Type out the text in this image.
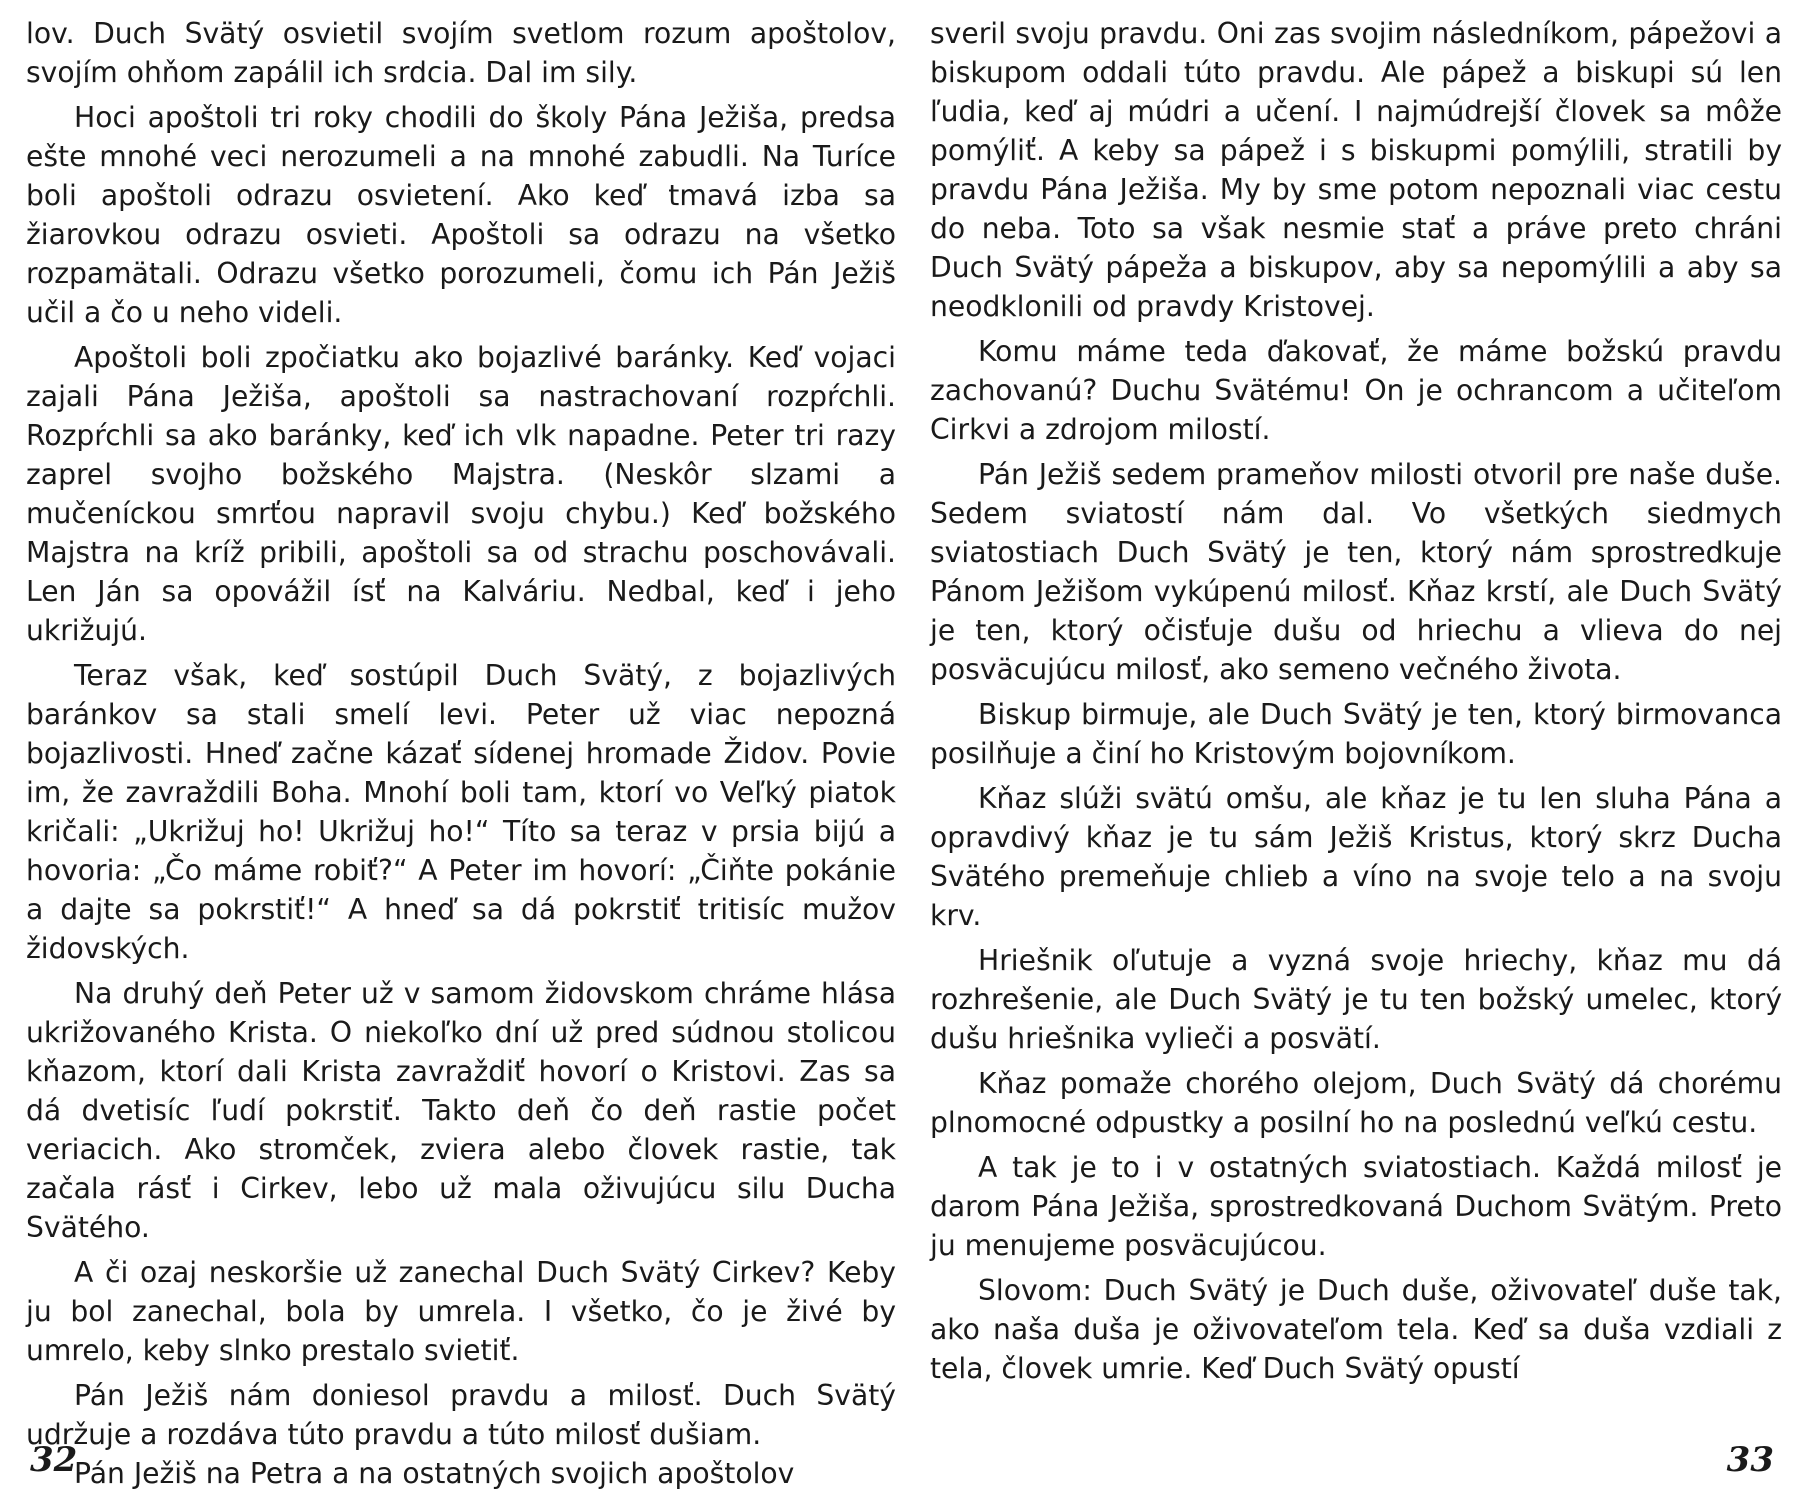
lov. Duch Svätý osvietil svojím svetlom rozum apoštolov, svojím ohňom zapálil ich srdcia. Dal im sily.

Hoci apoštoli tri roky chodili do školy Pána Ježiša, predsa ešte mnohé veci nerozumeli a na mnohé zabudli. Na Turíce boli apoštoli odrazu osvietení. Ako keď tmavá izba sa žiarovkou odrazu osvieti. Apoštoli sa odrazu na všetko rozpamätali. Odrazu všetko porozumeli, čomu ich Pán Ježiš učil a čo u neho videli.

Apoštoli boli zpočiatku ako bojazlivé baránky. Keď vojaci zajali Pána Ježiša, apoštoli sa nastrachovaní rozpŕchli. Rozpŕchli sa ako baránky, keď ich vlk napadne. Peter tri razy zaprel svojho božského Majstra. (Neskôr slzami a mučeníckou smrťou napravil svoju chybu.) Keď božského Majstra na kríž pribili, apoštoli sa od strachu poschovávali. Len Ján sa opovážil ísť na Kalváriu. Nedbal, keď i jeho ukrižujú.

Teraz však, keď sostúpil Duch Svätý, z bojazlivých baránkov sa stali smelí levi. Peter už viac nepozná bojazlivosti. Hneď začne kázať sídenej hromade Židov. Povie im, že zavraždili Boha. Mnohí boli tam, ktorí vo Veľký piatok kričali: „Ukrižuj ho! Ukrižuj ho!“ Títo sa teraz v prsia bijú a hovoria: „Čo máme robiť?“ A Peter im hovorí: „Čiňte pokánie a dajte sa pokrstiť!“ A hneď sa dá pokrstiť tritisíc mužov židovských.

Na druhý deň Peter už v samom židovskom chráme hlása ukrižovaného Krista. O niekoľko dní už pred súdnou stolicou kňazom, ktorí dali Krista zavraždiť hovorí o Kristovi. Zas sa dá dvetisíc ľudí pokrstiť. Takto deň čo deň rastie počet veriacich. Ako stromček, zviera alebo človek rastie, tak začala rásť i Cirkev, lebo už mala oživujúcu silu Ducha Svätého.

A či ozaj neskoršie už zanechal Duch Svätý Cirkev? Keby ju bol zanechal, bola by umrela. I všetko, čo je živé by umrelo, keby slnko prestalo svietiť.

Pán Ježiš nám doniesol pravdu a milosť. Duch Svätý udržuje a rozdáva túto pravdu a túto milosť dušiam.

Pán Ježiš na Petra a na ostatných svojich apoštolov

sveril svoju pravdu. Oni zas svojim následníkom, pápežovi a biskupom oddali túto pravdu. Ale pápež a biskupi sú len ľudia, keď aj múdri a učení. I najmúdrejší človek sa môže pomýliť. A keby sa pápež i s biskupmi pomýlili, stratili by pravdu Pána Ježiša. My by sme potom nepoznali viac cestu do neba. Toto sa však nesmie stať a práve preto chráni Duch Svätý pápeža a biskupov, aby sa nepomýlili a aby sa neodklonili od pravdy Kristovej.

Komu máme teda ďakovať, že máme božskú pravdu zachovanú? Duchu Svätému! On je ochrancom a učiteľom Cirkvi a zdrojom milostí.

Pán Ježiš sedem prameňov milosti otvoril pre naše duše. Sedem sviatostí nám dal. Vo všetkých siedmych sviatostiach Duch Svätý je ten, ktorý nám sprostredkuje Pánom Ježišom vykúpenú milosť. Kňaz krstí, ale Duch Svätý je ten, ktorý očisťuje dušu od hriechu a vlieva do nej posväcujúcu milosť, ako semeno večného života.

Biskup birmuje, ale Duch Svätý je ten, ktorý birmovanca posilňuje a činí ho Kristovým bojovníkom.

Kňaz slúži svätú omšu, ale kňaz je tu len sluha Pána a opravdivý kňaz je tu sám Ježiš Kristus, ktorý skrz Ducha Svätého premeňuje chlieb a víno na svoje telo a na svoju krv.

Hriešnik oľutuje a vyzná svoje hriechy, kňaz mu dá rozhrešenie, ale Duch Svätý je tu ten božský umelec, ktorý dušu hriešnika vylieči a posvätí.

Kňaz pomaže chorého olejom, Duch Svätý dá chorému plnomocné odpustky a posilní ho na poslednú veľkú cestu.

A tak je to i v ostatných sviatostiach. Každá milosť je darom Pána Ježiša, sprostredkovaná Duchom Svätým. Preto ju menujeme posväcujúcou.

Slovom: Duch Svätý je Duch duše, oživovateľ duše tak, ako naša duša je oživovateľom tela. Keď sa duša vzdiali z tela, človek umrie. Keď Duch Svätý opustí

32	33
